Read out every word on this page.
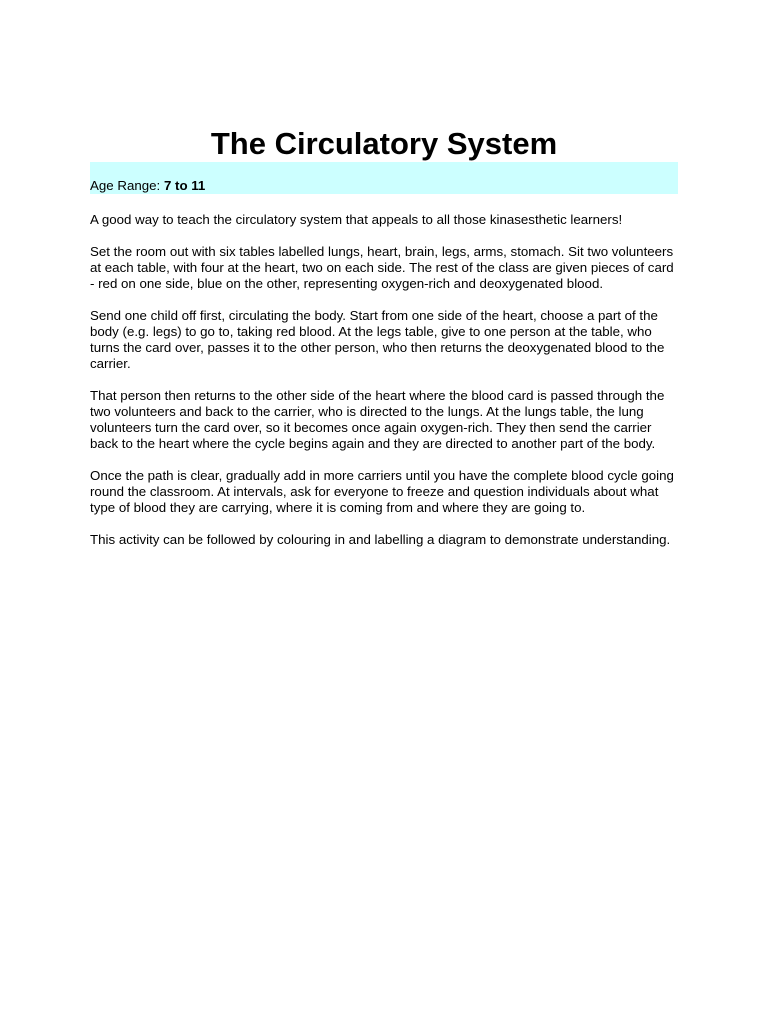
The Circulatory System
Age Range: 7 to 11

A good way to teach the circulatory system that appeals to all those kinasesthetic learners!

Set the room out with six tables labelled lungs, heart, brain, legs, arms, stomach. Sit two volunteers at each table, with four at the heart, two on each side. The rest of the class are given pieces of card - red on one side, blue on the other, representing oxygen-rich and deoxygenated blood.

Send one child off first, circulating the body. Start from one side of the heart, choose a part of the body (e.g. legs) to go to, taking red blood. At the legs table, give to one person at the table, who turns the card over, passes it to the other person, who then returns the deoxygenated blood to the carrier.

That person then returns to the other side of the heart where the blood card is passed through the two volunteers and back to the carrier, who is directed to the lungs. At the lungs table, the lung volunteers turn the card over, so it becomes once again oxygen-rich. They then send the carrier back to the heart where the cycle begins again and they are directed to another part of the body.

Once the path is clear, gradually add in more carriers until you have the complete blood cycle going round the classroom. At intervals, ask for everyone to freeze and question individuals about what type of blood they are carrying, where it is coming from and where they are going to.

This activity can be followed by colouring in and labelling a diagram to demonstrate understanding.
